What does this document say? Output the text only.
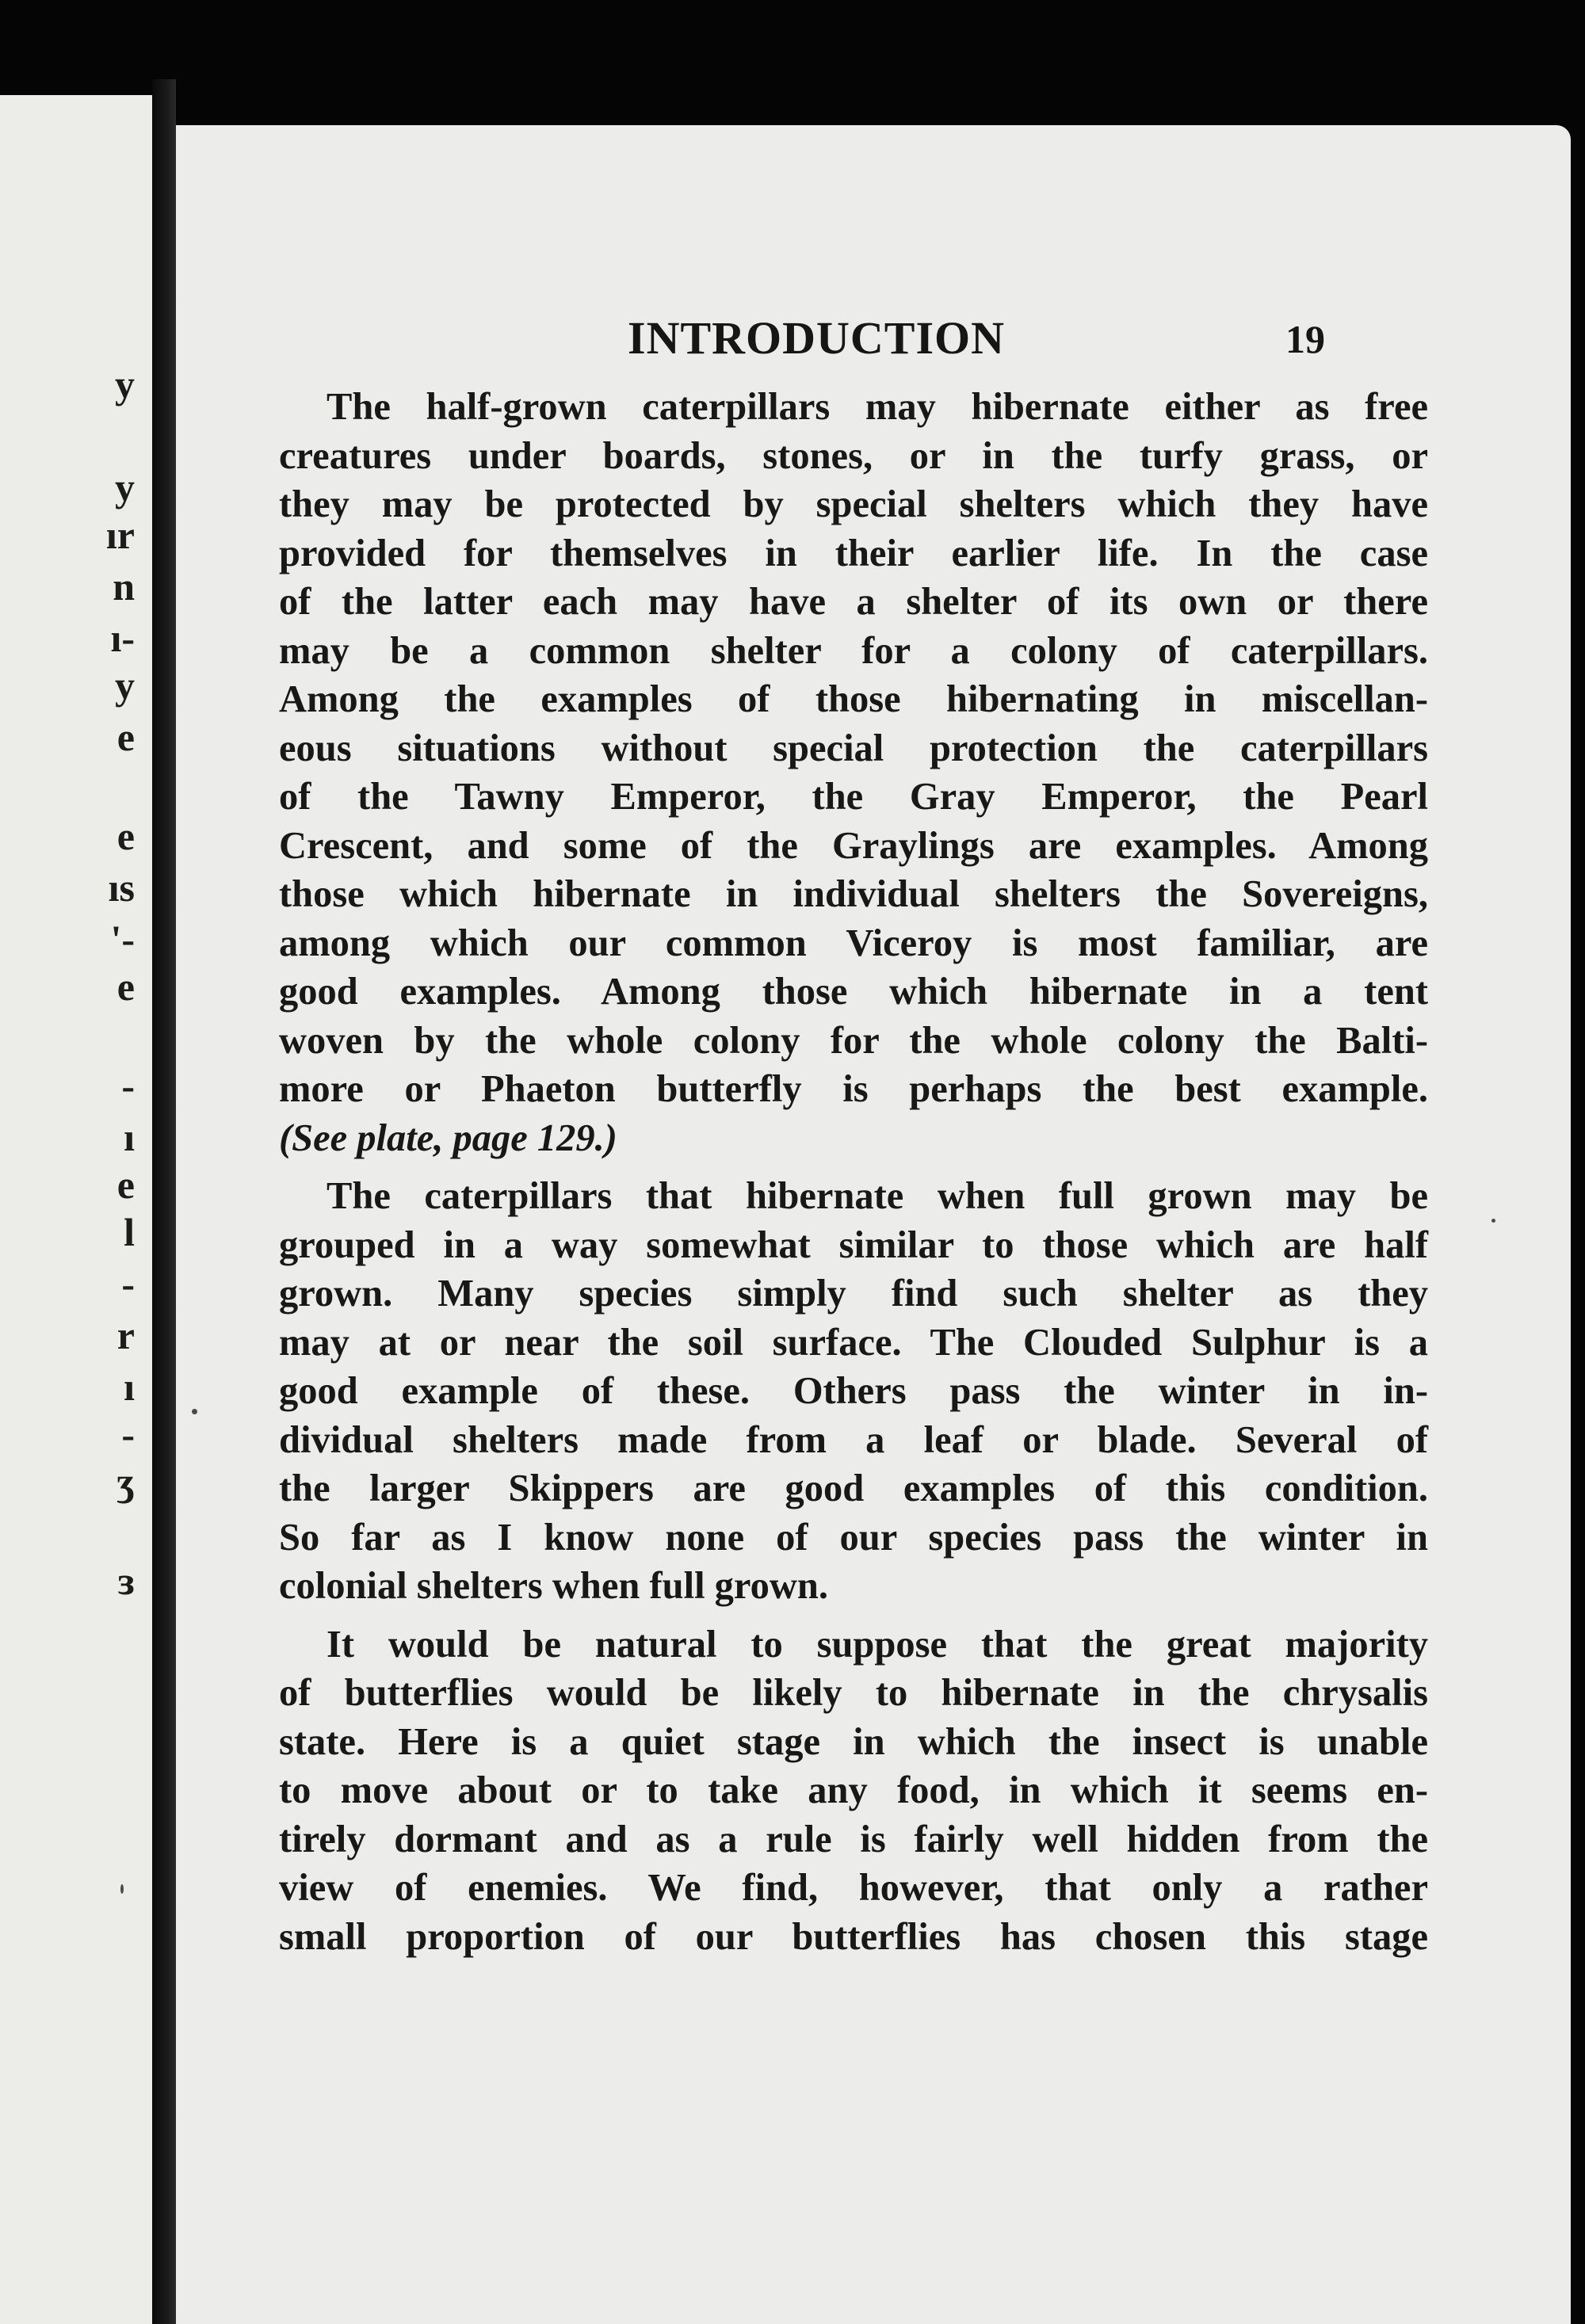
y
y
ır
n
ı-
y
e
e
ıs
'-
e
-
ı
e
l
-
r
ı
-
ʒ
ɜ
INTRODUCTION	19
The half-grown caterpillars may hibernate either as free
creatures under boards, stones, or in the turfy grass, or
they may be protected by special shelters which they have
provided for themselves in their earlier life. In the case
of the latter each may have a shelter of its own or there
may be a common shelter for a colony of caterpillars.
Among the examples of those hibernating in miscellan-
eous situations without special protection the caterpillars
of the Tawny Emperor, the Gray Emperor, the Pearl
Crescent, and some of the Graylings are examples. Among
those which hibernate in individual shelters the Sovereigns,
among which our common Viceroy is most familiar, are
good examples. Among those which hibernate in a tent
woven by the whole colony for the whole colony the Balti-
more or Phaeton butterfly is perhaps the best example.
(See plate, page 129.)
The caterpillars that hibernate when full grown may be
grouped in a way somewhat similar to those which are half
grown. Many species simply find such shelter as they
may at or near the soil surface. The Clouded Sulphur is a
good example of these. Others pass the winter in in-
dividual shelters made from a leaf or blade. Several of
the larger Skippers are good examples of this condition.
So far as I know none of our species pass the winter in
colonial shelters when full grown.
It would be natural to suppose that the great majority
of butterflies would be likely to hibernate in the chrysalis
state. Here is a quiet stage in which the insect is unable
to move about or to take any food, in which it seems en-
tirely dormant and as a rule is fairly well hidden from the
view of enemies. We find, however, that only a rather
small proportion of our butterflies has chosen this stage
